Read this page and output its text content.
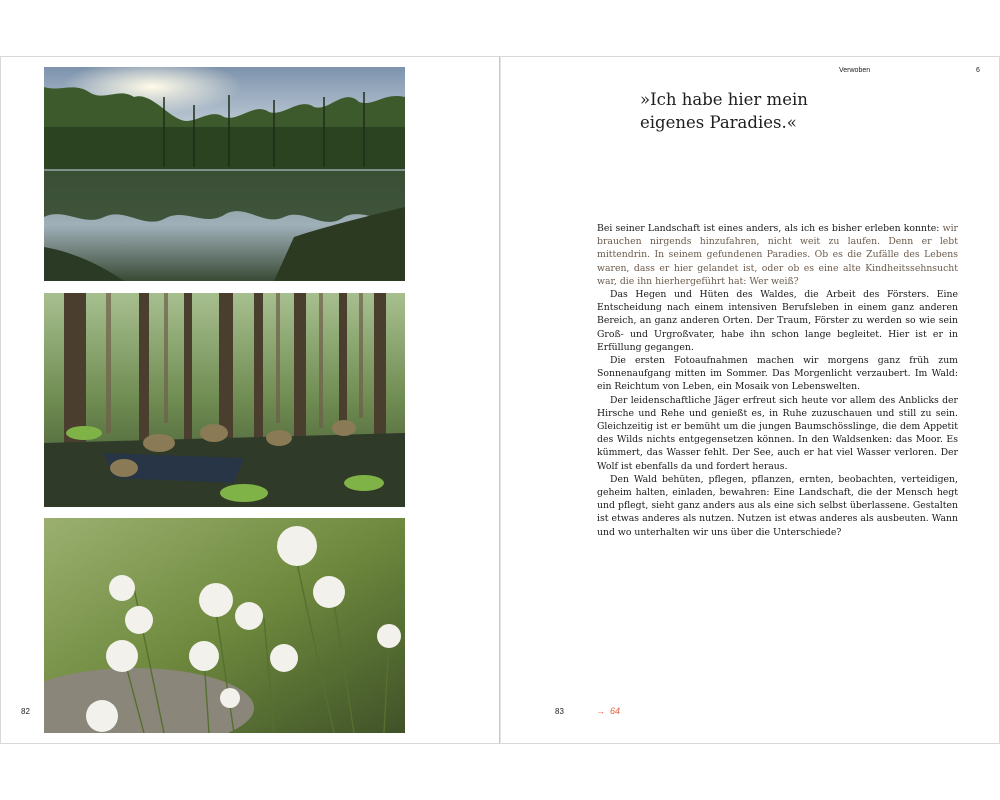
82
Verwoben	6
»Ich habe hier mein
eigenes Paradies.«

Bei seiner Landschaft ist eines anders, als ich es bisher erleben konnte: wir brauchen nirgends hinzufahren, nicht weit zu laufen. Denn er lebt mittendrin. In seinem gefundenen Paradies. Ob es die Zufälle des Lebens waren, dass er hier gelandet ist, oder ob es eine alte Kindheitssehnsucht war, die ihn hierhergeführt hat: Wer weiß?

Das Hegen und Hüten des Waldes, die Arbeit des Försters. Eine Entscheidung nach einem intensiven Berufsleben in einem ganz anderen Bereich, an ganz anderen Orten. Der Traum, Förster zu werden so wie sein Groß- und Urgroßvater, habe ihn schon lange begleitet. Hier ist er in Erfüllung gegangen.

Die ersten Fotoaufnahmen machen wir morgens ganz früh zum Sonnenaufgang mitten im Sommer. Das Morgenlicht verzaubert. Im Wald: ein Reichtum von Leben, ein Mosaik von Lebenswelten.

Der leidenschaftliche Jäger erfreut sich heute vor allem des Anblicks der Hirsche und Rehe und genießt es, in Ruhe zuzuschauen und still zu sein. Gleichzeitig ist er bemüht um die jungen Baumschösslinge, die dem Appetit des Wilds nichts entgegensetzen können. In den Waldsenken: das Moor. Es kümmert, das Wasser fehlt. Der See, auch er hat viel Wasser verloren. Der Wolf ist ebenfalls da und fordert heraus.

Den Wald behüten, pflegen, pflanzen, ernten, beobachten, verteidigen, geheim halten, einladen, bewahren: Eine Landschaft, die der Mensch hegt und pflegt, sieht ganz anders aus als eine sich selbst überlassene. Gestalten ist etwas anderes als nutzen. Nutzen ist etwas anderes als ausbeuten. Wann und wo unterhalten wir uns über die Unterschiede?

83	→ 64
